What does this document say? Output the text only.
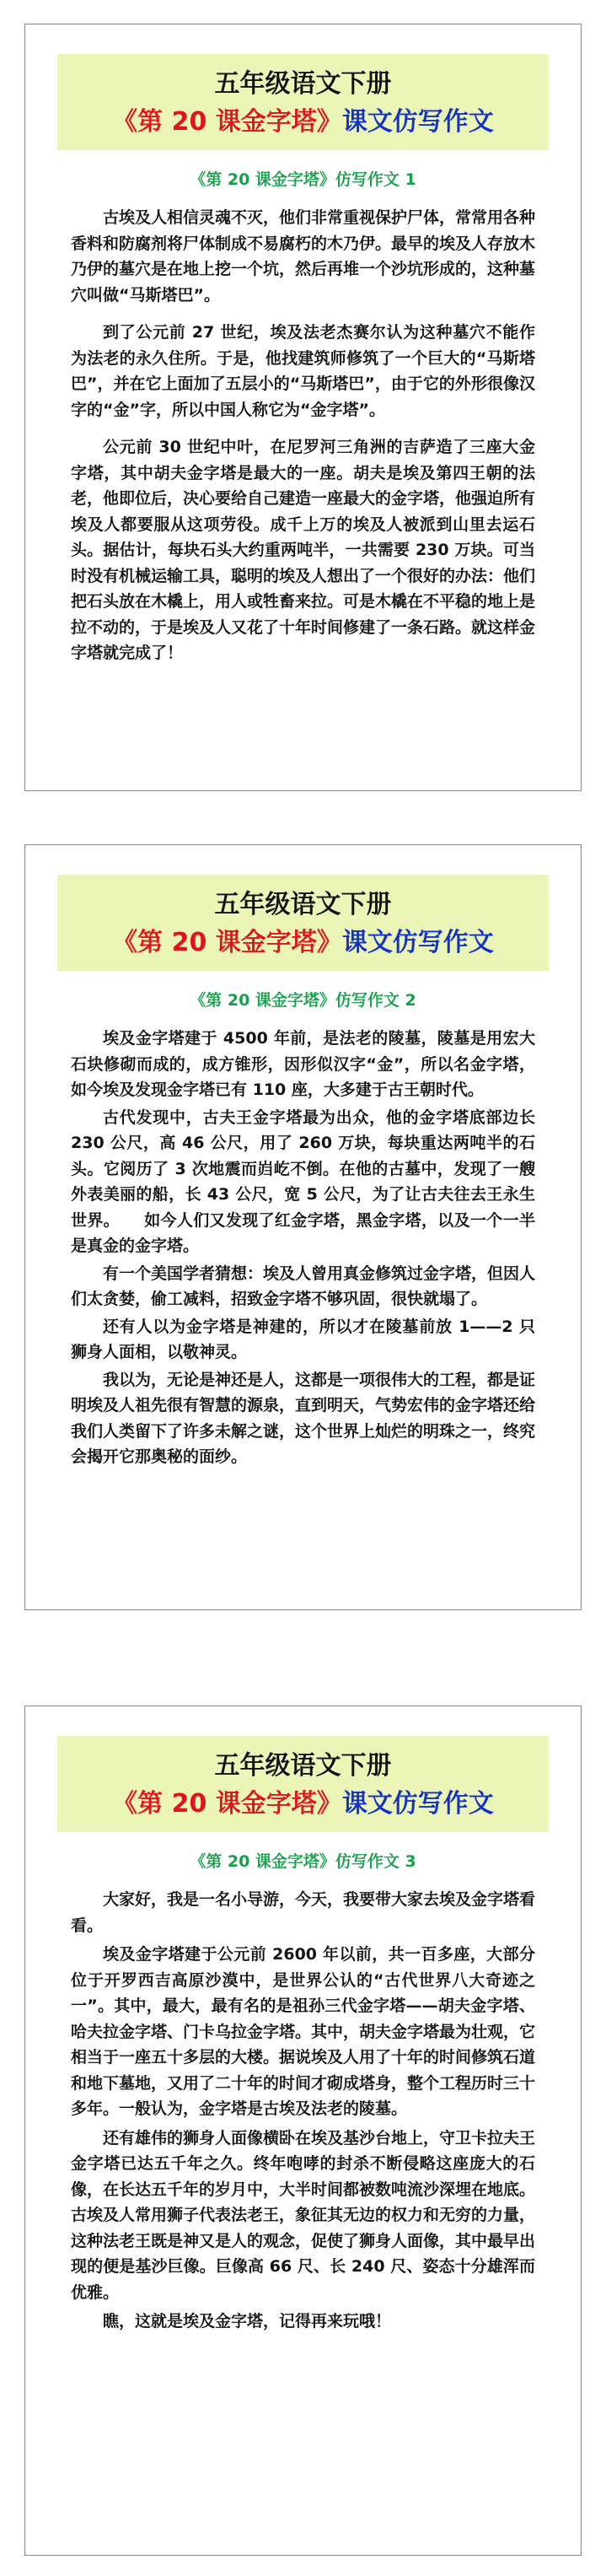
五年级语文下册
《第 20 课金字塔》课文仿写作文
《第 20 课金字塔》仿写作文 1

古埃及人相信灵魂不灭，他们非常重视保护尸体，常常用各种香料和防腐剂将尸体制成不易腐朽的木乃伊。最早的埃及人存放木乃伊的墓穴是在地上挖一个坑，然后再堆一个沙坑形成的，这种墓穴叫做“马斯塔巴”。

到了公元前 27 世纪，埃及法老杰赛尔认为这种墓穴不能作为法老的永久住所。于是，他找建筑师修筑了一个巨大的“马斯塔巴”，并在它上面加了五层小的“马斯塔巴”，由于它的外形很像汉字的“金”字，所以中国人称它为“金字塔”。

公元前 30 世纪中叶，在尼罗河三角洲的吉萨造了三座大金字塔，其中胡夫金字塔是最大的一座。胡夫是埃及第四王朝的法老，他即位后，决心要给自己建造一座最大的金字塔，他强迫所有埃及人都要服从这项劳役。成千上万的埃及人被派到山里去运石头。据估计，每块石头大约重两吨半，一共需要 230 万块。可当时没有机械运输工具，聪明的埃及人想出了一个很好的办法：他们把石头放在木橇上，用人或牲畜来拉。可是木橇在不平稳的地上是拉不动的，于是埃及人又花了十年时间修建了一条石路。就这样金字塔就完成了！

五年级语文下册
《第 20 课金字塔》课文仿写作文
《第 20 课金字塔》仿写作文 2

埃及金字塔建于 4500 年前，是法老的陵墓，陵墓是用宏大石块修砌而成的，成方锥形，因形似汉字“金”，所以名金字塔，如今埃及发现金字塔已有 110 座，大多建于古王朝时代。

古代发现中，古夫王金字塔最为出众，他的金字塔底部边长 230 公尺，高 46 公尺，用了 260 万块，每块重达两吨半的石头。它阅历了 3 次地震而岿屹不倒。在他的古墓中，发现了一艘外表美丽的船，长 43 公尺，宽 5 公尺，为了让古夫往去王永生世界。　　如今人们又发现了红金字塔，黑金字塔，以及一个一半是真金的金字塔。

有一个美国学者猜想：埃及人曾用真金修筑过金字塔，但因人们太贪婪，偷工减料，招致金字塔不够巩固，很快就塌了。

还有人以为金字塔是神建的，所以才在陵墓前放 1——2 只狮身人面相，以敬神灵。

我以为，无论是神还是人，这都是一项很伟大的工程，都是证明埃及人祖先很有智慧的源泉，直到明天，气势宏伟的金字塔还给我们人类留下了许多未解之谜，这个世界上灿烂的明珠之一，终究会揭开它那奥秘的面纱。

五年级语文下册
《第 20 课金字塔》课文仿写作文
《第 20 课金字塔》仿写作文 3

大家好，我是一名小导游，今天，我要带大家去埃及金字塔看看。

埃及金字塔建于公元前 2600 年以前，共一百多座，大部分位于开罗西吉高原沙漠中，是世界公认的“古代世界八大奇迹之一”。其中，最大，最有名的是祖孙三代金字塔——胡夫金字塔、哈夫拉金字塔、门卡乌拉金字塔。其中，胡夫金字塔最为壮观，它相当于一座五十多层的大楼。据说埃及人用了十年的时间修筑石道和地下墓地，又用了二十年的时间才砌成塔身，整个工程历时三十多年。一般认为，金字塔是古埃及法老的陵墓。

还有雄伟的狮身人面像横卧在埃及基沙台地上，守卫卡拉夫王金字塔已达五千年之久。终年咆哮的封杀不断侵略这座庞大的石像，在长达五千年的岁月中，大半时间都被数吨流沙深埋在地底。古埃及人常用狮子代表法老王，象征其无边的权力和无穷的力量，这种法老王既是神又是人的观念，促使了狮身人面像，其中最早出现的便是基沙巨像。巨像高 66 尺、长 240 尺、姿态十分雄浑而优雅。

瞧，这就是埃及金字塔，记得再来玩哦！
